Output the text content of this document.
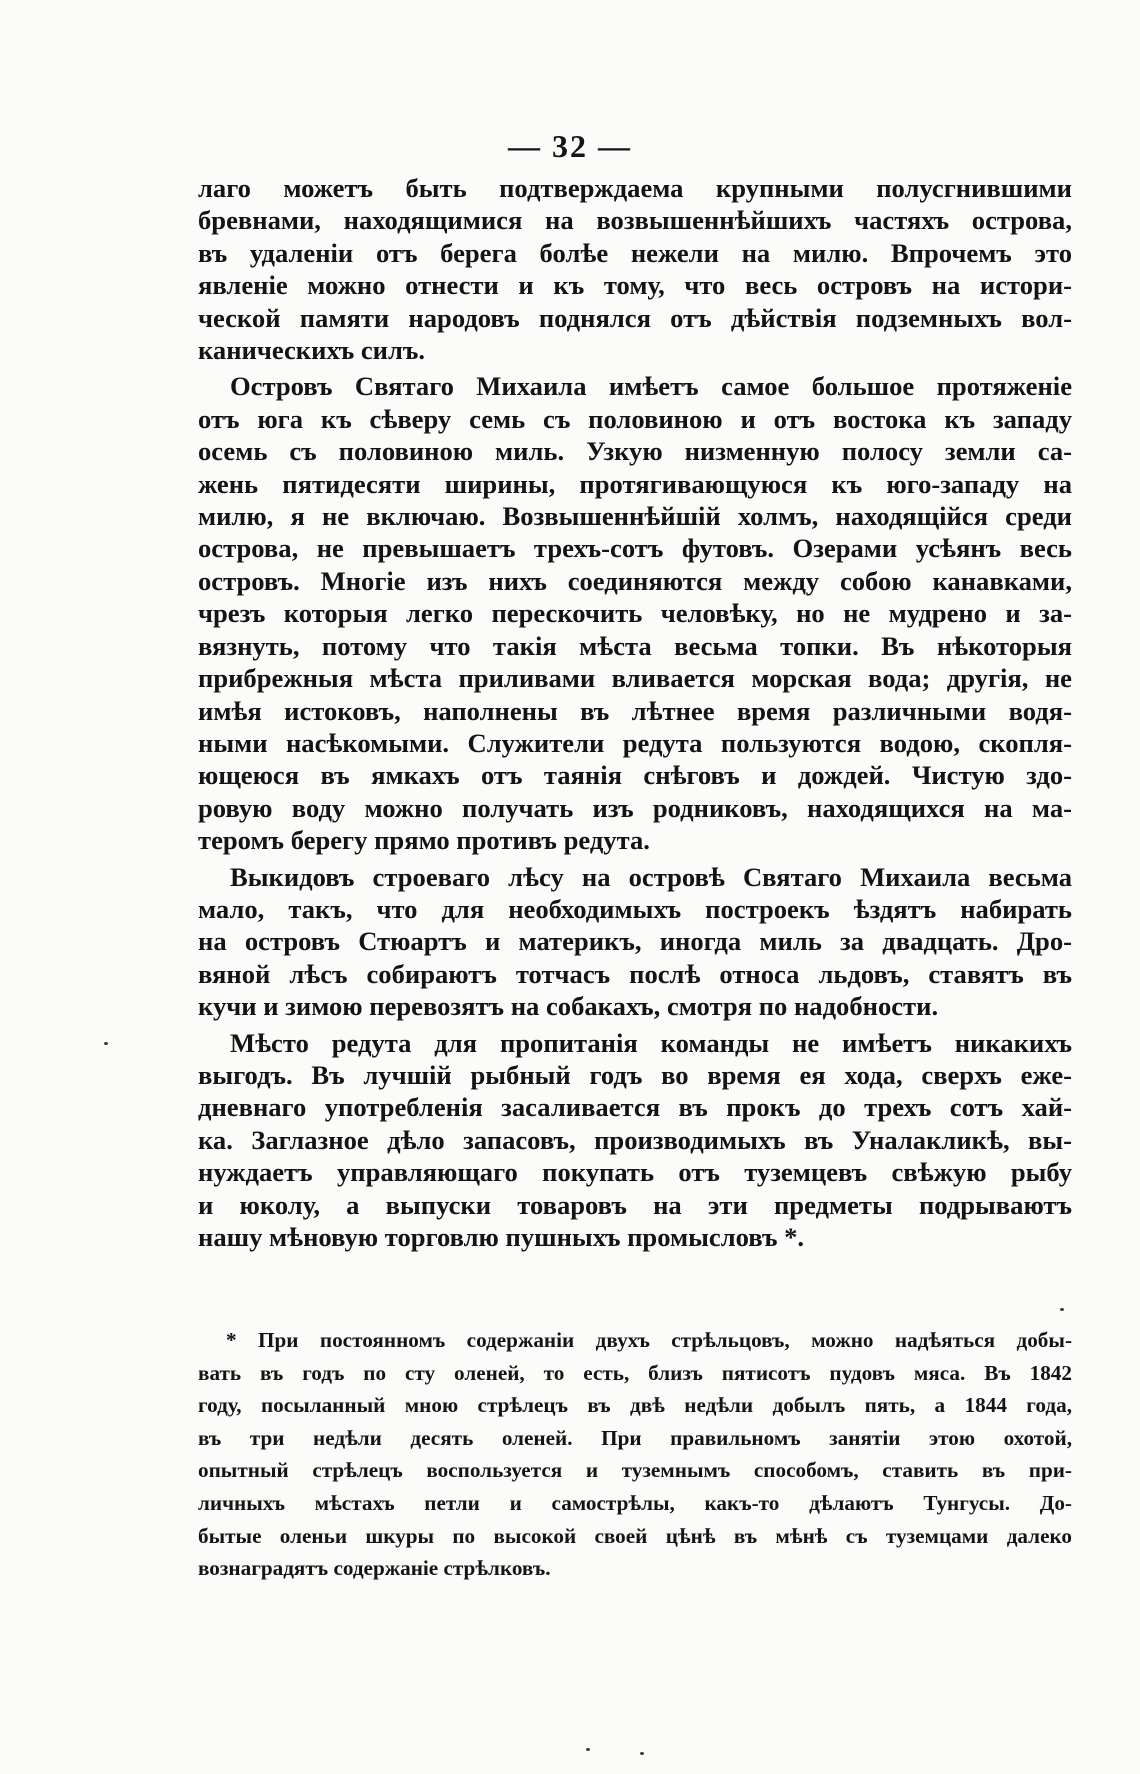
— 32 —

лаго можетъ быть подтверждаема крупными полусгнившими
бревнами, находящимися на возвышеннѣйшихъ частяхъ острова,
въ удаленіи отъ берега болѣе нежели на милю. Впрочемъ это
явленіе можно отнести и къ тому, что весь островъ на истори-
ческой памяти народовъ поднялся отъ дѣйствія подземныхъ вол-
каническихъ силъ.

Островъ Святаго Михаила имѣетъ самое большое протяженіе
отъ юга къ сѣверу семь съ половиною и отъ востока къ западу
осемь съ половиною миль. Узкую низменную полосу земли са-
жень пятидесяти ширины, протягивающуюся къ юго-западу на
милю, я не включаю. Возвышеннѣйшій холмъ, находящійся среди
острова, не превышаетъ трехъ-сотъ футовъ. Озерами усѣянъ весь
островъ. Многіе изъ нихъ соединяются между собою канавками,
чрезъ которыя легко перескочить человѣку, но не мудрено и за-
вязнуть, потому что такія мѣста весьма топки. Въ нѣкоторыя
прибрежныя мѣста приливами вливается морская вода; другія, не
имѣя истоковъ, наполнены въ лѣтнее время различными водя-
ными насѣкомыми. Служители редута пользуются водою, скопля-
ющеюся въ ямкахъ отъ таянія снѣговъ и дождей. Чистую здо-
ровую воду можно получать изъ родниковъ, находящихся на ма-
теромъ берегу прямо противъ редута.

Выкидовъ строеваго лѣсу на островѣ Святаго Михаила весьма
мало, такъ, что для необходимыхъ построекъ ѣздятъ набирать
на островъ Стюартъ и материкъ, иногда миль за двадцать. Дро-
вяной лѣсъ собираютъ тотчасъ послѣ относа льдовъ, ставятъ въ
кучи и зимою перевозятъ на собакахъ, смотря по надобности.

Мѣсто редута для пропитанія команды не имѣетъ никакихъ
выгодъ. Въ лучшій рыбный годъ во время ея хода, сверхъ еже-
дневнаго употребленія засаливается въ прокъ до трехъ сотъ хай-
ка. Заглазное дѣло запасовъ, производимыхъ въ Уналакликѣ, вы-
нуждаетъ управляющаго покупать отъ туземцевъ свѣжую рыбу
и юколу, а выпуски товаровъ на эти предметы подрываютъ
нашу мѣновую торговлю пушныхъ промысловъ *.

* При постоянномъ содержаніи двухъ стрѣльцовъ, можно надѣяться добы-
вать въ годъ по сту оленей, то есть, близъ пятисотъ пудовъ мяса. Въ 1842
году, посыланный мною стрѣлецъ въ двѣ недѣли добылъ пять, а 1844 года,
въ три недѣли десять оленей. При правильномъ занятіи этою охотой,
опытный стрѣлецъ воспользуется и туземнымъ способомъ, ставить въ при-
личныхъ мѣстахъ петли и самострѣлы, какъ-то дѣлаютъ Тунгусы. До-
бытые оленьи шкуры по высокой своей цѣнѣ въ мѣнѣ съ туземцами далеко
вознаградятъ содержаніе стрѣлковъ.
